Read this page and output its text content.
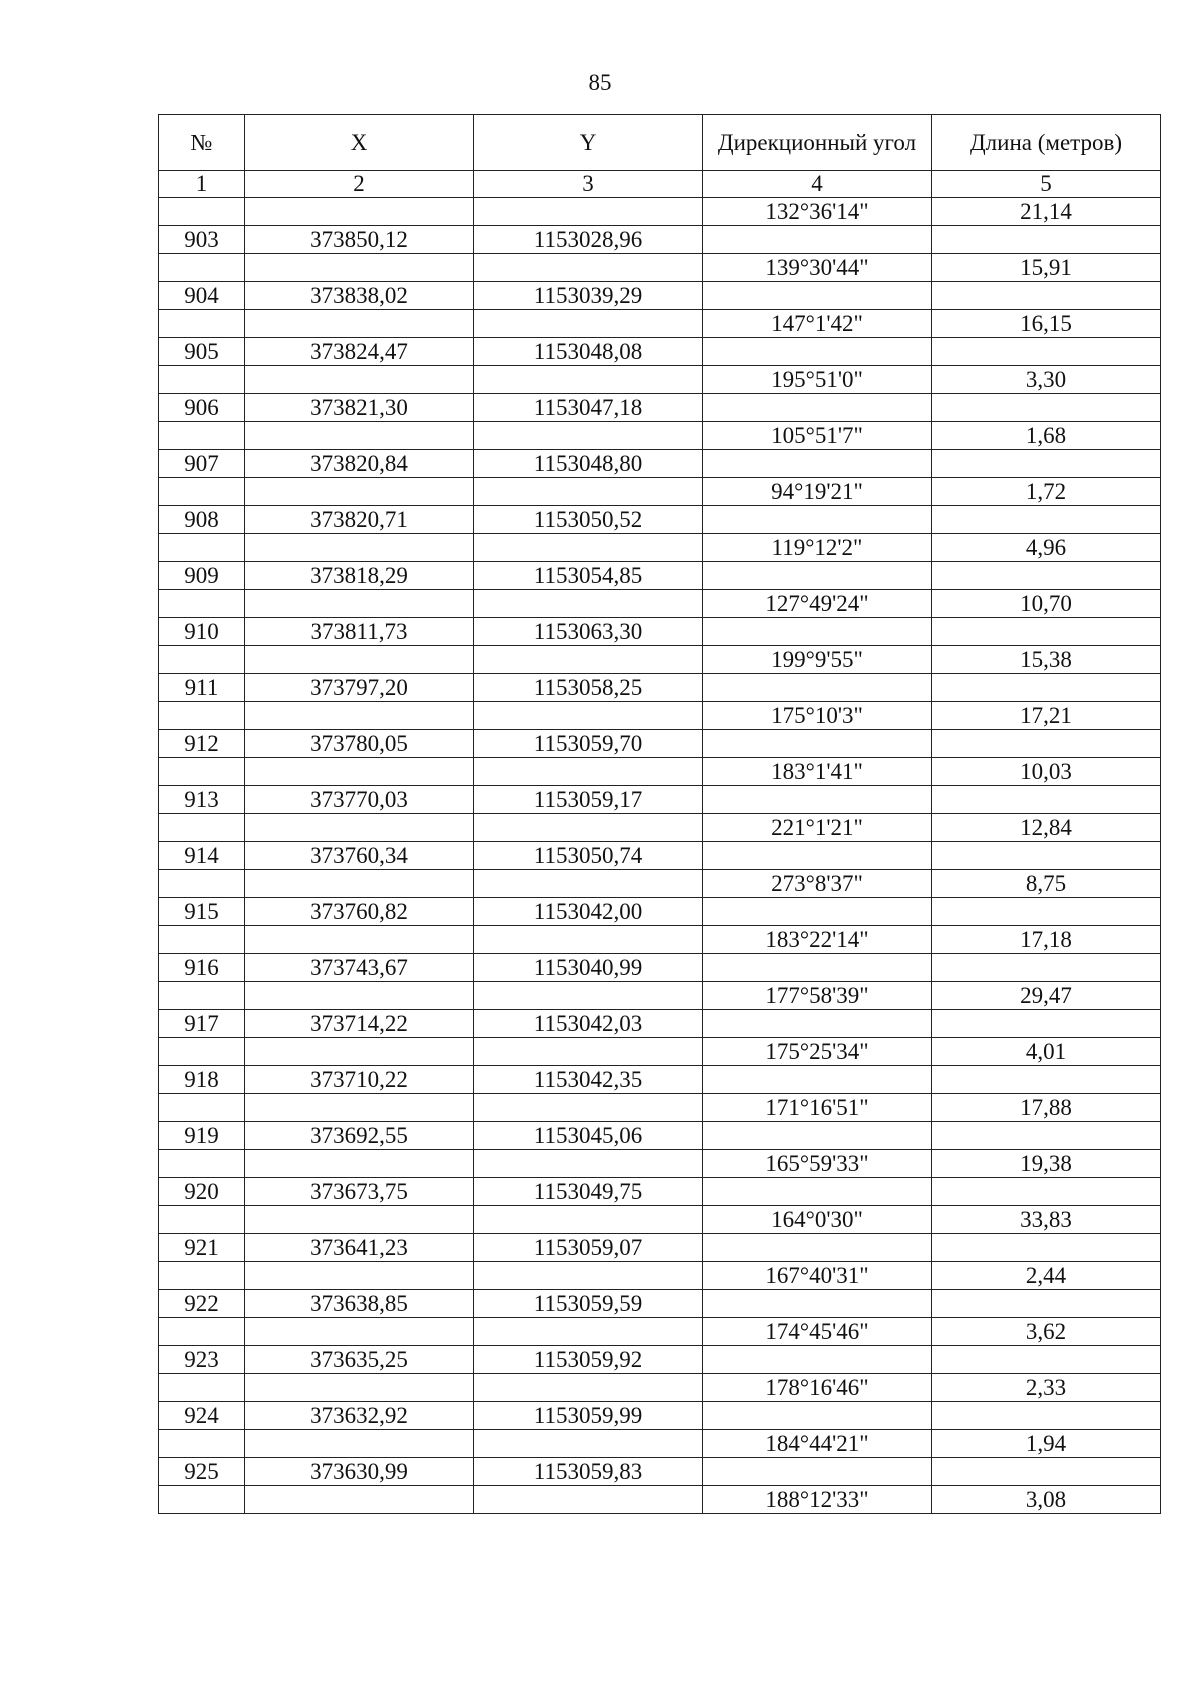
85
№	X	Y	Дирекционный угол	Длина (метров)
1	2	3	4	5
			132°36'14"	21,14
903	373850,12	1153028,96		
			139°30'44"	15,91
904	373838,02	1153039,29		
			147°1'42"	16,15
905	373824,47	1153048,08		
			195°51'0"	3,30
906	373821,30	1153047,18		
			105°51'7"	1,68
907	373820,84	1153048,80		
			94°19'21"	1,72
908	373820,71	1153050,52		
			119°12'2"	4,96
909	373818,29	1153054,85		
			127°49'24"	10,70
910	373811,73	1153063,30		
			199°9'55"	15,38
911	373797,20	1153058,25		
			175°10'3"	17,21
912	373780,05	1153059,70		
			183°1'41"	10,03
913	373770,03	1153059,17		
			221°1'21"	12,84
914	373760,34	1153050,74		
			273°8'37"	8,75
915	373760,82	1153042,00		
			183°22'14"	17,18
916	373743,67	1153040,99		
			177°58'39"	29,47
917	373714,22	1153042,03		
			175°25'34"	4,01
918	373710,22	1153042,35		
			171°16'51"	17,88
919	373692,55	1153045,06		
			165°59'33"	19,38
920	373673,75	1153049,75		
			164°0'30"	33,83
921	373641,23	1153059,07		
			167°40'31"	2,44
922	373638,85	1153059,59		
			174°45'46"	3,62
923	373635,25	1153059,92		
			178°16'46"	2,33
924	373632,92	1153059,99		
			184°44'21"	1,94
925	373630,99	1153059,83		
			188°12'33"	3,08
